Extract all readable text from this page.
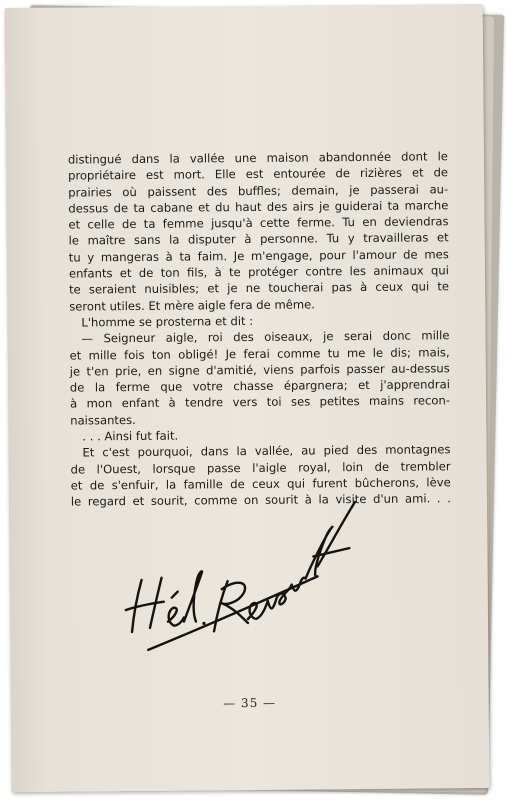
distingué dans la vallée une maison abandonnée dont le
propriétaire est mort. Elle est entourée de rizières et de
prairies où paissent des buffles; demain, je passerai au-
dessus de ta cabane et du haut des airs je guiderai ta marche
et celle de ta femme jusqu'à cette ferme. Tu en deviendras
le maître sans la disputer à personne. Tu y travailleras et
tu y mangeras à ta faim. Je m'engage, pour l'amour de mes
enfants et de ton fils, à te protéger contre les animaux qui
te seraient nuisibles; et je ne toucherai pas à ceux qui te
seront utiles. Et mère aigle fera de même.
L'homme se prosterna et dit :
— Seigneur aigle, roi des oiseaux, je serai donc mille
et mille fois ton obligé! Je ferai comme tu me le dis; mais,
je t'en prie, en signe d'amitié, viens parfois passer au-dessus
de la ferme que votre chasse épargnera; et j'apprendrai
à mon enfant à tendre vers toi ses petites mains recon-
naissantes.
. . . Ainsi fut fait.
Et c'est pourquoi, dans la vallée, au pied des montagnes
de l'Ouest, lorsque passe l'aigle royal, loin de trembler
et de s'enfuir, la famille de ceux qui furent bûcherons, lève
le regard et sourit, comme on sourit à la visite d'un ami. . .
— 35 —
